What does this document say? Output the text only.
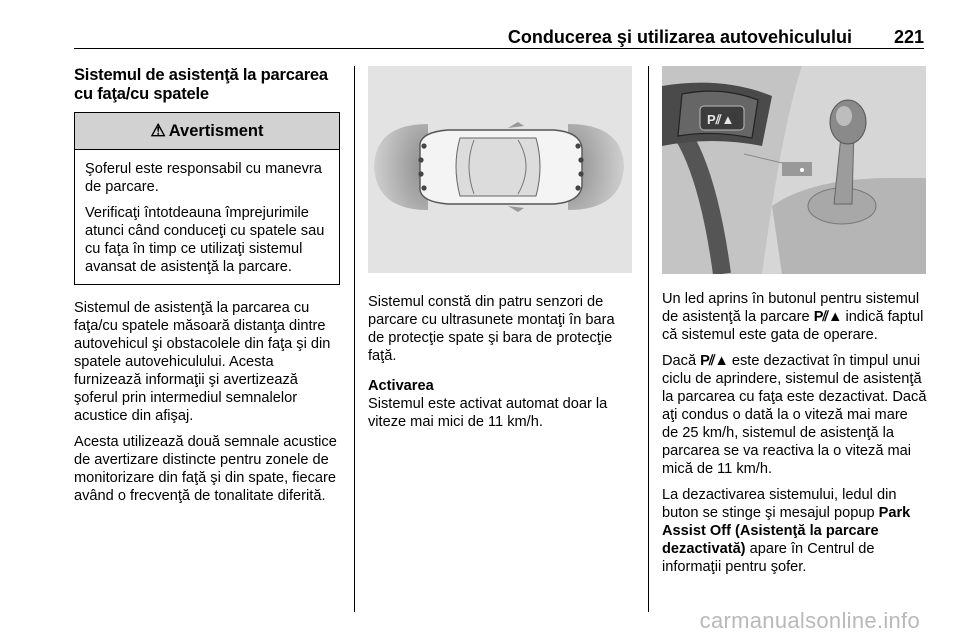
Conducerea şi utilizarea autovehiculului 221
Sistemul de asistenţă la parcarea cu faţa/cu spatele
⚠ Avertisment

Şoferul este responsabil cu manevra de parcare.

Verificaţi întotdeauna împrejurimile atunci când conduceţi cu spatele sau cu faţa în timp ce utilizaţi sistemul avansat de asistenţă la parcare.

Sistemul de asistenţă la parcarea cu faţa/cu spatele măsoară distanţa dintre autovehicul şi obstacolele din faţa şi din spatele autovehiculului. Acesta furnizează informaţii şi avertizează şoferul prin intermediul semnalelor acustice din afişaj.

Acesta utilizează două semnale acustice de avertizare distincte pentru zonele de monitorizare din faţă şi din spate, fiecare având o frecvenţă de tonalitate diferită.

Sistemul constă din patru senzori de parcare cu ultrasunete montaţi în bara de protecţie spate şi bara de protecţie faţă.

Activarea

Sistemul este activat automat doar la viteze mai mici de 11 km/h.

P⫽▲

Un led aprins în butonul pentru sistemul de asistenţă la parcare P⫽▲ indică faptul că sistemul este gata de operare.

Dacă P⫽▲ este dezactivat în timpul unui ciclu de aprindere, sistemul de asistenţă la parcarea cu faţa este dezactivat. Dacă aţi condus o dată la o viteză mai mare de 25 km/h, sistemul de asistenţă la parcarea se va reactiva la o viteză mai mică de 11 km/h.

La dezactivarea sistemului, ledul din buton se stinge şi mesajul popup Park Assist Off (Asistenţă la parcare dezactivată) apare în Centrul de informaţii pentru şofer.

carmanualsonline.info
